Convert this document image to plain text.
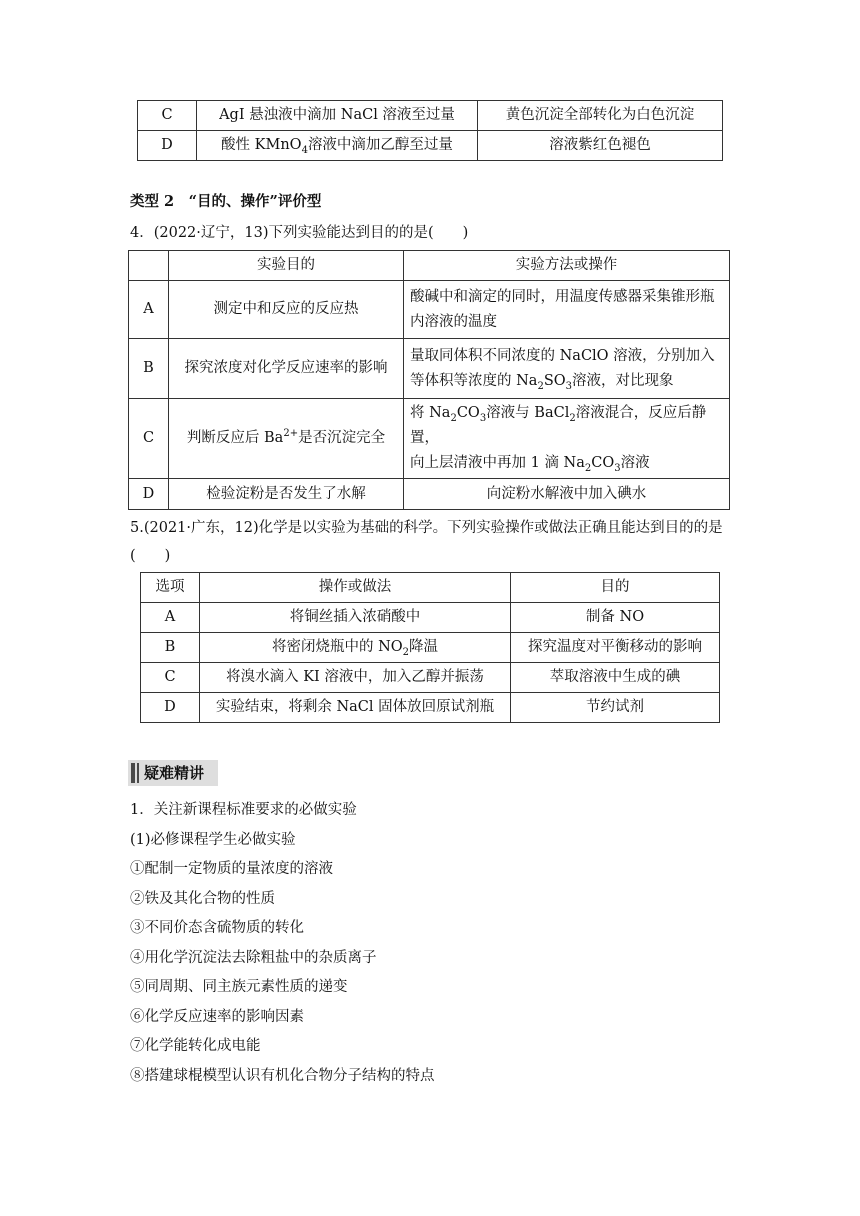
C	AgI 悬浊液中滴加 NaCl 溶液至过量	黄色沉淀全部转化为白色沉淀
D	酸性 KMnO$_4$溶液中滴加乙醇至过量	溶液紫红色褪色
类型 2　“目的、操作”评价型
4．(2022·辽宁，13)下列实验能达到目的的是(　　)
	实验目的	实验方法或操作
A	测定中和反应的反应热	酸碱中和滴定的同时，用温度传感器采集锥形瓶
内溶液的温度
B	探究浓度对化学反应速率的影响	量取同体积不同浓度的 NaClO 溶液，分别加入
等体积等浓度的 $Na_2SO_3$溶液，对比现象
C	判断反应后 $Ba^{2+}$是否沉淀完全	将 $Na_2CO_3$溶液与 BaCl$_2$溶液混合，反应后静置，
向上层清液中再加 1 滴 $Na_2CO_3$溶液
D	检验淀粉是否发生了水解	向淀粉水解液中加入碘水
5.(2021·广东，12)化学是以实验为基础的科学。下列实验操作或做法正确且能达到目的的是
(　　)
选项	操作或做法	目的
A	将铜丝插入浓硝酸中	制备 NO
B	将密闭烧瓶中的 $NO_2$降温	探究温度对平衡移动的影响
C	将溴水滴入 KI 溶液中，加入乙醇并振荡	萃取溶液中生成的碘
D	实验结束，将剩余 NaCl 固体放回原试剂瓶	节约试剂
疑难精讲
1．关注新课程标准要求的必做实验
(1)必修课程学生必做实验
①配制一定物质的量浓度的溶液
②铁及其化合物的性质
③不同价态含硫物质的转化
④用化学沉淀法去除粗盐中的杂质离子
⑤同周期、同主族元素性质的递变
⑥化学反应速率的影响因素
⑦化学能转化成电能
⑧搭建球棍模型认识有机化合物分子结构的特点
